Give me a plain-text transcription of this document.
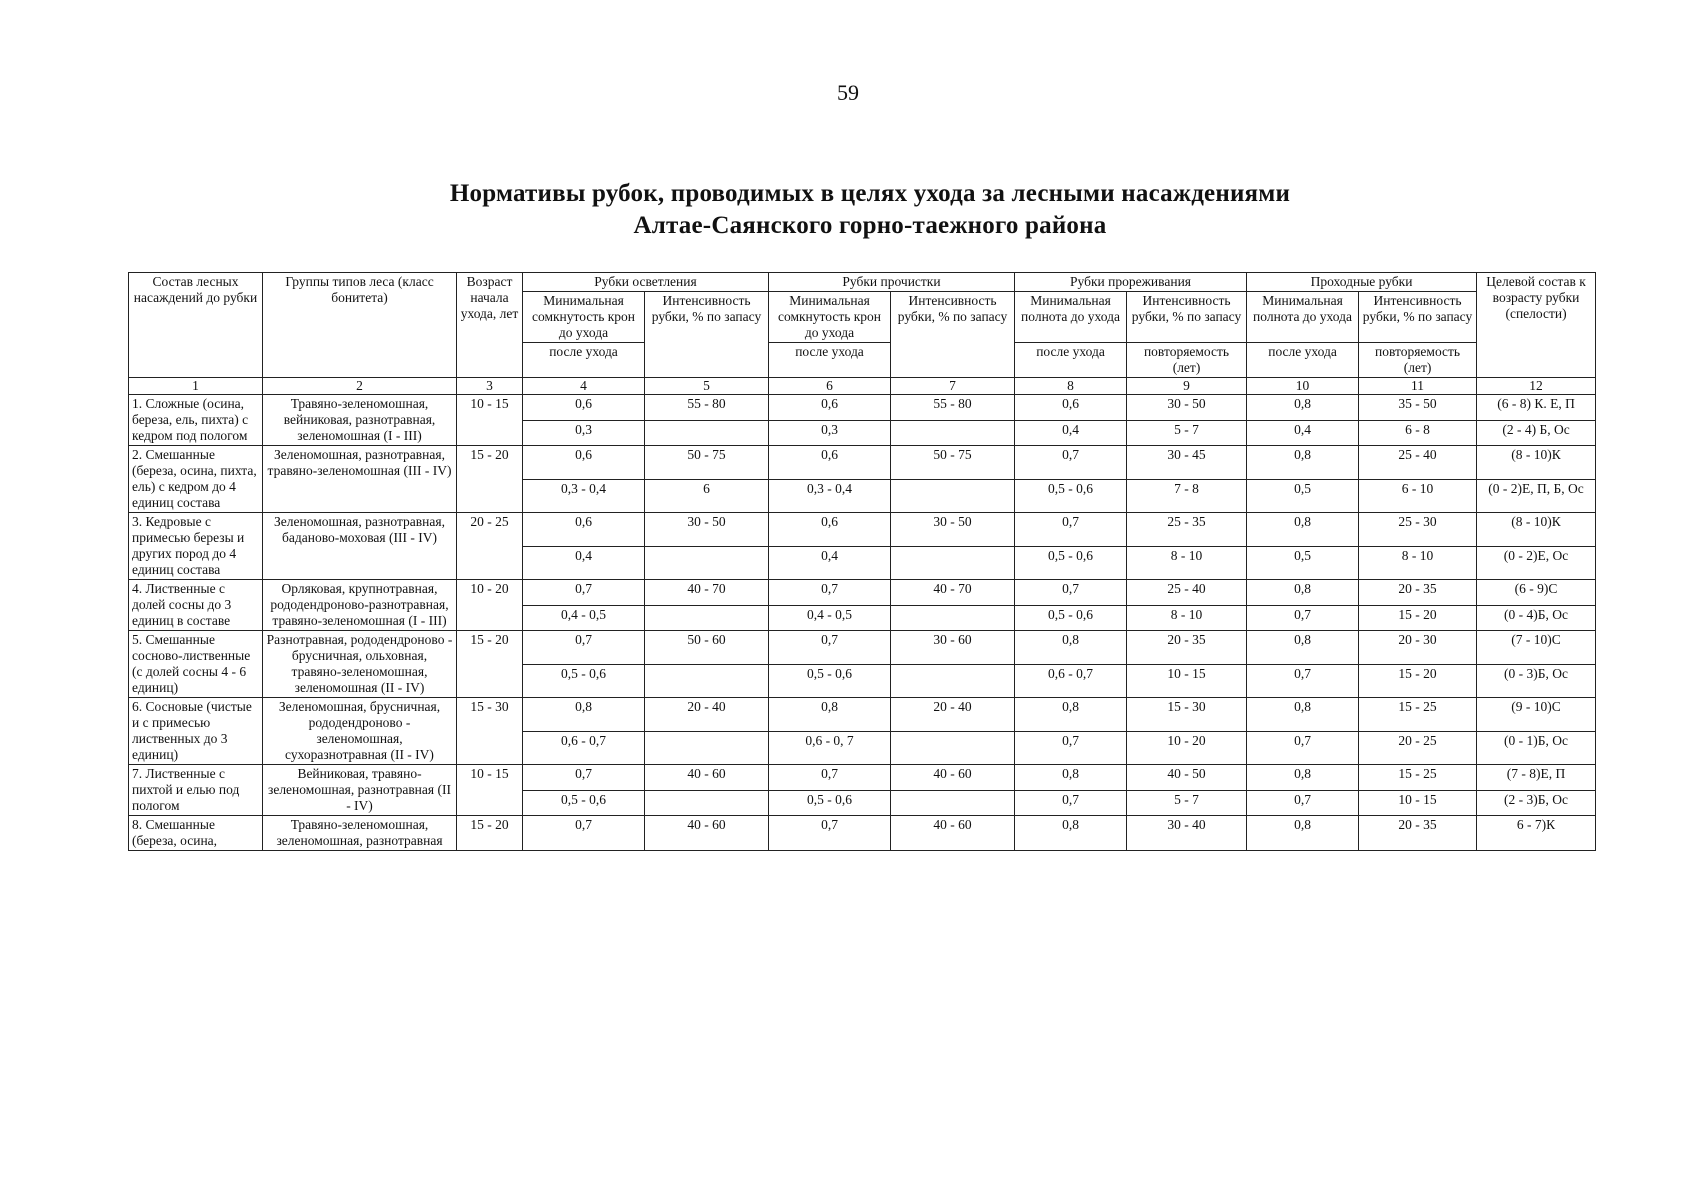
59
Нормативы рубок, проводимых в целях ухода за лесными насаждениями
Алтае-Саянского горно-таежного района
Состав лесных насаждений до рубки	Группы типов леса (класс бонитета)	Возраст начала ухода, лет	Рубки осветления		Рубки прочистки		Рубки прореживания		Проходные рубки		Целевой состав к возрасту рубки (спелости)
			Минимальная сомкнутость крон до ухода	Интенсивность рубки, % по запасу	Минимальная сомкнутость крон до ухода	Интенсивность рубки, % по запасу	Минимальная полнота до ухода	Интенсивность рубки, % по запасу	Минимальная полнота до ухода	Интенсивность рубки, % по запасу	
			после ухода		после ухода		после ухода	повторяемость (лет)	после ухода	повторяемость (лет)	
1	2	3	4	5	6	7	8	9	10	11	12
1. Сложные (осина, береза, ель, пихта) с кедром под пологом	Травяно-зеленомошная, вейниковая, разнотравная, зеленомошная (I - III)	10 - 15	0,6	55 - 80	0,6	55 - 80	0,6	30 - 50	0,8	35 - 50	(6 - 8) К. Е, П
			0,3		0,3		0,4	5 - 7	0,4	6 - 8	(2 - 4) Б, Ос
2. Смешанные (береза, осина, пихта, ель) с кедром до 4 единиц состава	Зеленомошная, разнотравная, травяно-зеленомошная (III - IV)	15 - 20	0,6	50 - 75	0,6	50 - 75	0,7	30 - 45	0,8	25 - 40	(8 - 10)К
			0,3 - 0,4	6	0,3 - 0,4		0,5 - 0,6	7 - 8	0,5	6 - 10	(0 - 2)Е, П, Б, Ос
3. Кедровые с примесью березы и других пород до 4 единиц состава	Зеленомошная, разнотравная, баданово-моховая (III - IV)	20 - 25	0,6	30 - 50	0,6	30 - 50	0,7	25 - 35	0,8	25 - 30	(8 - 10)К
			0,4		0,4		0,5 - 0,6	8 - 10	0,5	8 - 10	(0 - 2)Е, Ос
4. Лиственные с долей сосны до 3 единиц в составе	Орляковая, крупнотравная, рододендроново-разнотравная, травяно-зеленомошная (I - III)	10 - 20	0,7	40 - 70	0,7	40 - 70	0,7	25 - 40	0,8	20 - 35	(6 - 9)С
			0,4 - 0,5		0,4 - 0,5		0,5 - 0,6	8 - 10	0,7	15 - 20	(0 - 4)Б, Ос
5. Смешанные сосново-лиственные (с долей сосны 4 - 6 единиц)	Разнотравная, рододендроново - брусничная, ольховная, травяно-зеленомошная, зеленомошная (II - IV)	15 - 20	0,7	50 - 60	0,7	30 - 60	0,8	20 - 35	0,8	20 - 30	(7 - 10)С
			0,5 - 0,6		0,5 - 0,6		0,6 - 0,7	10 - 15	0,7	15 - 20	(0 - 3)Б, Ос
6. Сосновые (чистые и с примесью лиственных до 3 единиц)	Зеленомошная, брусничная, рододендроново - зеленомошная, сухоразнотравная (II - IV)	15 - 30	0,8	20 - 40	0,8	20 - 40	0,8	15 - 30	0,8	15 - 25	(9 - 10)С
			0,6 - 0,7		0,6 - 0, 7		0,7	10 - 20	0,7	20 - 25	(0 - 1)Б, Ос
7. Лиственные с пихтой и елью под пологом	Вейниковая, травяно-зеленомошная, разнотравная (II - IV)	10 - 15	0,7	40 - 60	0,7	40 - 60	0,8	40 - 50	0,8	15 - 25	(7 - 8)Е, П
			0,5 - 0,6		0,5 - 0,6		0,7	5 - 7	0,7	10 - 15	(2 - 3)Б, Ос
8. Смешанные (береза, осина,	Травяно-зеленомошная, зеленомошная, разнотравная	15 - 20	0,7	40 - 60	0,7	40 - 60	0,8	30 - 40	0,8	20 - 35	6 - 7)К
